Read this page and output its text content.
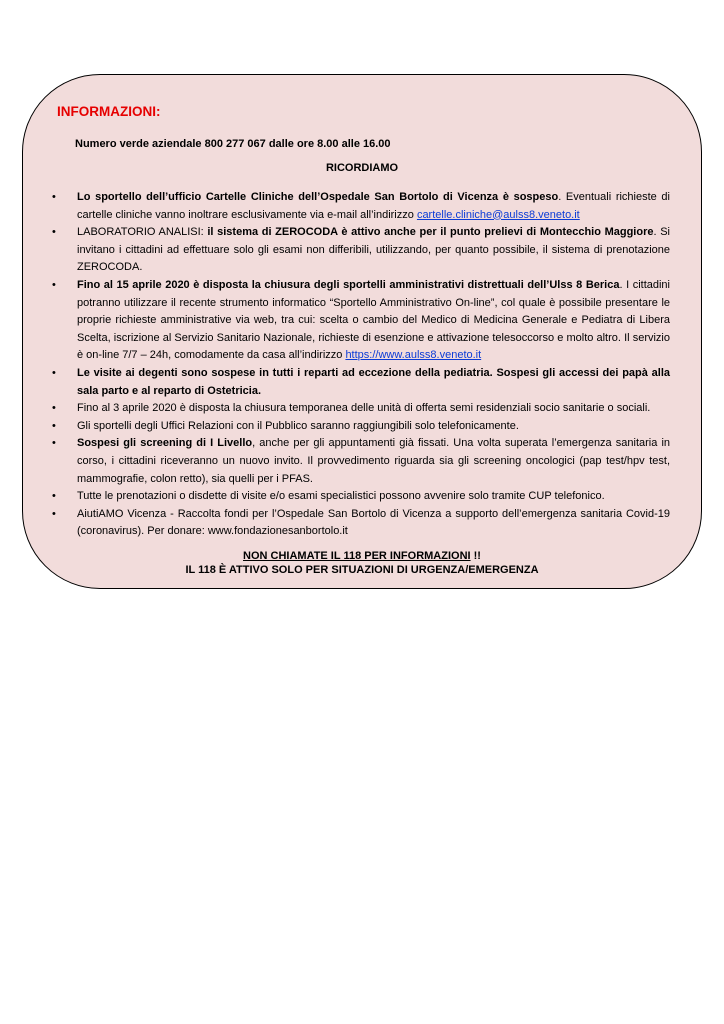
INFORMAZIONI:
Numero verde aziendale 800 277 067 dalle ore 8.00 alle 16.00
RICORDIAMO
• Lo sportello dell’ufficio Cartelle Cliniche dell’Ospedale San Bortolo di Vicenza è sospeso. Eventuali richieste di cartelle cliniche vanno inoltrare esclusivamente via e-mail all’indirizzo cartelle.cliniche@aulss8.veneto.it
• LABORATORIO ANALISI: il sistema di ZEROCODA è attivo anche per il punto prelievi di Montecchio Maggiore. Si invitano i cittadini ad effettuare solo gli esami non differibili, utilizzando, per quanto possibile, il sistema di prenotazione ZEROCODA.
• Fino al 15 aprile 2020 è disposta la chiusura degli sportelli amministrativi distrettuali dell’Ulss 8 Berica. I cittadini potranno utilizzare il recente strumento informatico “Sportello Amministrativo On-line”, col quale è possibile presentare le proprie richieste amministrative via web, tra cui: scelta o cambio del Medico di Medicina Generale e Pediatra di Libera Scelta, iscrizione al Servizio Sanitario Nazionale, richieste di esenzione e attivazione telesoccorso e molto altro. Il servizio è on-line 7/7 – 24h, comodamente da casa all’indirizzo https://www.aulss8.veneto.it
• Le visite ai degenti sono sospese in tutti i reparti ad eccezione della pediatria. Sospesi gli accessi dei papà alla sala parto e al reparto di Ostetricia.
• Fino al 3 aprile 2020 è disposta la chiusura temporanea delle unità di offerta semi residenziali socio sanitarie o sociali.
• Gli sportelli degli Uffici Relazioni con il Pubblico saranno raggiungibili solo telefonicamente.
• Sospesi gli screening di I Livello, anche per gli appuntamenti già fissati. Una volta superata l’emergenza sanitaria in corso, i cittadini riceveranno un nuovo invito. Il provvedimento riguarda sia gli screening oncologici (pap test/hpv test, mammografie, colon retto), sia quelli per i PFAS.
• Tutte le prenotazioni o disdette di visite e/o esami specialistici possono avvenire solo tramite CUP telefonico.
• AiutiAMO Vicenza - Raccolta fondi per l’Ospedale San Bortolo di Vicenza a supporto dell’emergenza sanitaria Covid-19 (coronavirus). Per donare: www.fondazionesanbortolo.it
NON CHIAMATE IL 118 PER INFORMAZIONI !!
IL 118 È ATTIVO SOLO PER SITUAZIONI DI URGENZA/EMERGENZA
